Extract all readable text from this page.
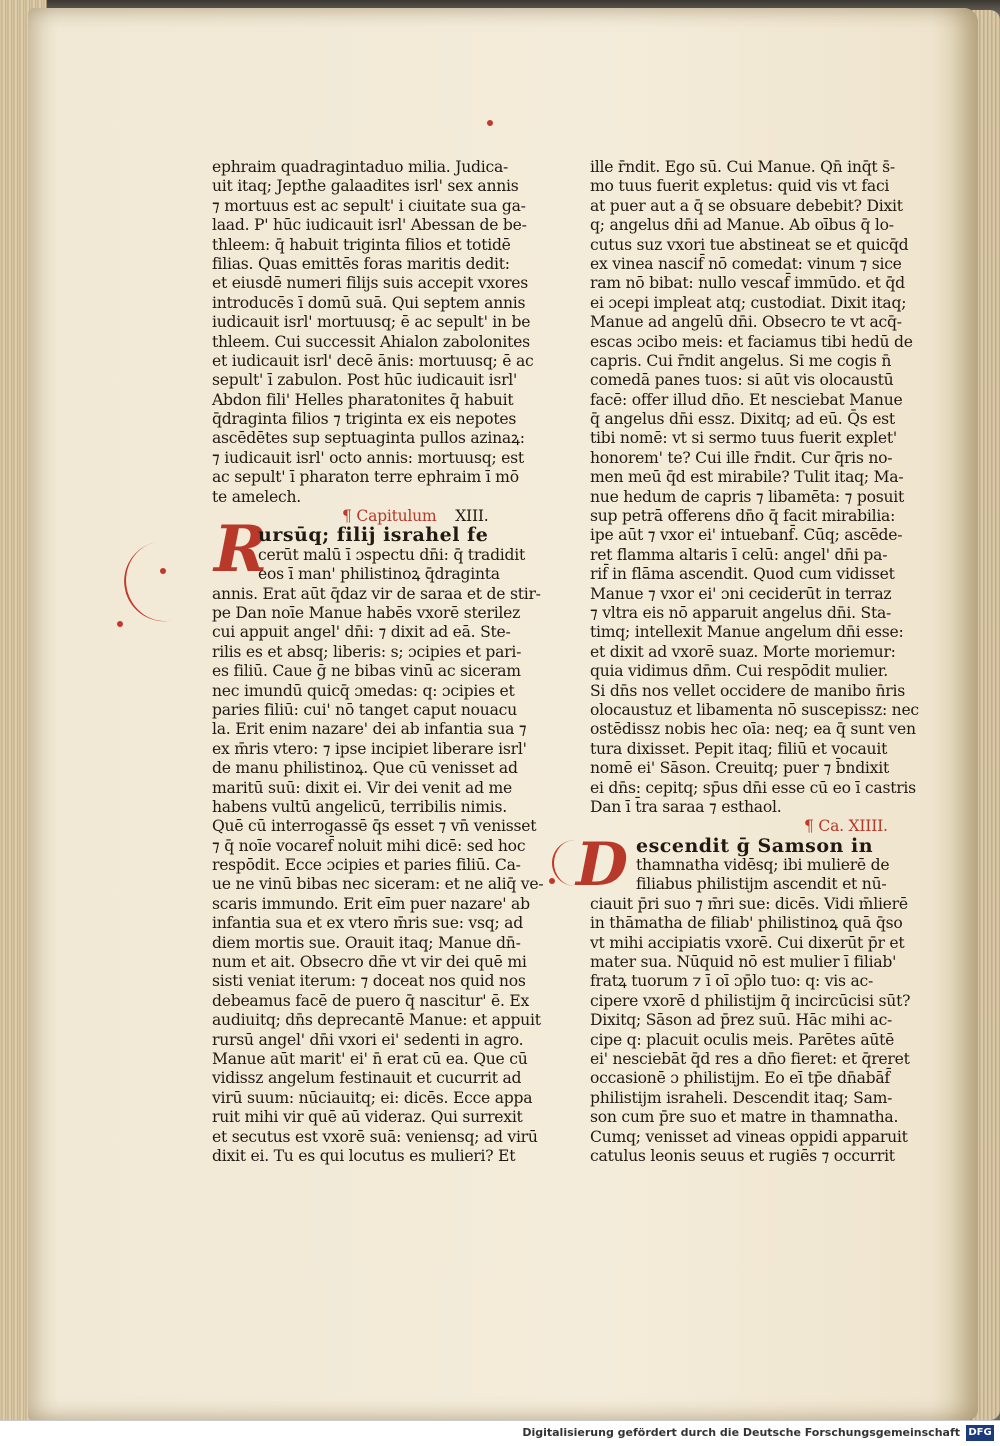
R
D
ephraim quadragintaduo milia. Judica-
uit itaq; Jepthe galaadites isrl' sex annis
⁊ mortuus est ac sepult' i ciuitate sua ga-
laad. P' hūc iudicauit isrl' Abessan de be-
thleem: q̄ habuit triginta filios et totidē
filias. Quas emittēs foras maritis dedit:
et eiusdē numeri filijs suis accepit vxores
introducēs ī domū suā. Qui septem annis
iudicauit isrl' mortuusq; ē ac sepult' in be
thleem. Cui successit Ahialon zabolonites
et iudicauit isrl' decē ānis: mortuusq; ē ac
sepult' ī zabulon. Post hūc iudicauit isrl'
Abdon fili' Helles pharatonites q̄ habuit
q̄draginta filios ⁊ triginta ex eis nepotes
ascēdētes sup septuaginta pullos azinaꝝ:
⁊ iudicauit isrl' octo annis: mortuusq; est
ac sepult' ī pharaton terre ephraim ī mō
te amelech.
¶ Capitulum XIII.
ursūq; filij israhel fe
cerūt malū ī ɔspectu dn̄i: q̄ tradidit
eos ī man' philistinoꝝ q̄draginta
annis. Erat aūt q̄daz vir de saraa et de stir-
pe Dan noīe Manue habēs vxorē sterilez
cui appuit angel' dn̄i: ⁊ dixit ad eā. Ste-
rilis es et absq; liberis: s; ɔcipies et pari-
es filiū. Caue ḡ ne bibas vinū ac siceram
nec imundū quicq̄ ɔmedas: q: ɔcipies et
paries filiū: cui' nō tanget caput nouacu
la. Erit enim nazare' dei ab infantia sua ⁊
ex m̄ris vtero: ⁊ ipse incipiet liberare isrl'
de manu philistinoꝝ. Que cū venisset ad
maritū suū: dixit ei. Vir dei venit ad me
habens vultū angelicū, terribilis nimis.
Quē cū interrogassē q̄s esset ⁊ vn̄ venisset
⁊ q̄ noīe vocaref̄ noluit mihi dicē: sed hoc
respōdit. Ecce ɔcipies et paries filiū. Ca-
ue ne vinū bibas nec siceram: et ne aliq̄ ve-
scaris immundo. Erit eīm puer nazare' ab
infantia sua et ex vtero m̄ris sue: vsq; ad
diem mortis sue. Orauit itaq; Manue dn̄-
num et ait. Obsecro dn̄e vt vir dei quē mi
sisti veniat iterum: ⁊ doceat nos quid nos
debeamus facē de puero q̄ nascitur' ē. Ex
audiuitq; dn̄s deprecantē Manue: et appuit
rursū angel' dn̄i vxori ei' sedenti in agro.
Manue aūt marit' ei' n̄ erat cū ea. Que cū
vidissz angelum festinauit et cucurrit ad
virū suum: nūciauitq; ei: dicēs. Ecce appa
ruit mihi vir quē aū videraz. Qui surrexit
et secutus est vxorē suā: veniensq; ad virū
dixit ei. Tu es qui locutus es mulieri? Et
ille r̄ndit. Ego sū. Cui Manue. Qn̄ inq̄t s̄-
mo tuus fuerit expletus: quid vis vt faci
at puer aut a q̄ se obsuare debebit? Dixit
q; angelus dn̄i ad Manue. Ab oībus q̄ lo-
cutus suz vxori tue abstineat se et quicq̄d
ex vinea nascif̄ nō comedat: vinum ⁊ sice
ram nō bibat: nullo vescaf̄ immūdo. et q̄d
ei ɔcepi impleat atq; custodiat. Dixit itaq;
Manue ad angelū dn̄i. Obsecro te vt acq̄-
escas ɔcibo meis: et faciamus tibi hedū de
capris. Cui r̄ndit angelus. Si me cogis n̄
comedā panes tuos: si aūt vis olocaustū
facē: offer illud dn̄o. Et nesciebat Manue
q̄ angelus dn̄i essz. Dixitq; ad eū. Q̄s est
tibi nomē: vt si sermo tuus fuerit explet'
honorem' te? Cui ille r̄ndit. Cur q̄ris no-
men meū q̄d est mirabile? Tulit itaq; Ma-
nue hedum de capris ⁊ libamēta: ⁊ posuit
sup petrā offerens dn̄o q̄ facit mirabilia:
ipe aūt ⁊ vxor ei' intuebanf̄. Cūq; ascēde-
ret flamma altaris ī celū: angel' dn̄i pa-
rif̄ in flāma ascendit. Quod cum vidisset
Manue ⁊ vxor ei' ɔni ceciderūt in terraz
⁊ vltra eis nō apparuit angelus dn̄i. Sta-
timq; intellexit Manue angelum dn̄i esse:
et dixit ad vxorē suaz. Morte moriemur:
quia vidimus dn̄m. Cui respōdit mulier.
Si dn̄s nos vellet occidere de manibo n̄ris
olocaustuz et libamenta nō suscepissz: nec
ostēdissz nobis hec oīa: neq; ea q̄ sunt ven
tura dixisset. Pepit itaq; filiū et vocauit
nomē ei' Sāson. Creuitq; puer ⁊ b̄ndixit
ei dn̄s: cepitq; sp̄us dn̄i esse cū eo ī castris
Dan ī t̄ra saraa ⁊ esthaol.
¶ Ca. XIIII.
escendit ḡ Samson in
thamnatha vidēsq; ibi mulierē de
filiabus philistijm ascendit et nū-
ciauit p̄ri suo ⁊ m̄ri sue: dicēs. Vidi m̄lierē
in thāmatha de filiab' philistinoꝝ quā q̄so
vt mihi accipiatis vxorē. Cui dixerūt p̄r et
mater sua. Nūquid nō est mulier ī filiab'
fratꝝ tuorum ⁊ ī oī ɔp̄lo tuo: q: vis ac-
cipere vxorē d philistijm q̄ incircūcisi sūt?
Dixitq; Sāson ad p̄rez suū. Hāc mihi ac-
cipe q: placuit oculis meis. Parētes aūtē
ei' nesciebāt q̄d res a dn̄o fieret: et q̄reret
occasionē ɔ philistijm. Eo eī tp̄e dn̄abāf̄
philistijm israheli. Descendit itaq; Sam-
son cum p̄re suo et matre in thamnatha.
Cumq; venisset ad vineas oppidi apparuit
catulus leonis seuus et rugiēs ⁊ occurrit
Digitalisierung gefördert durch die Deutsche Forschungsgemeinschaft DFG
